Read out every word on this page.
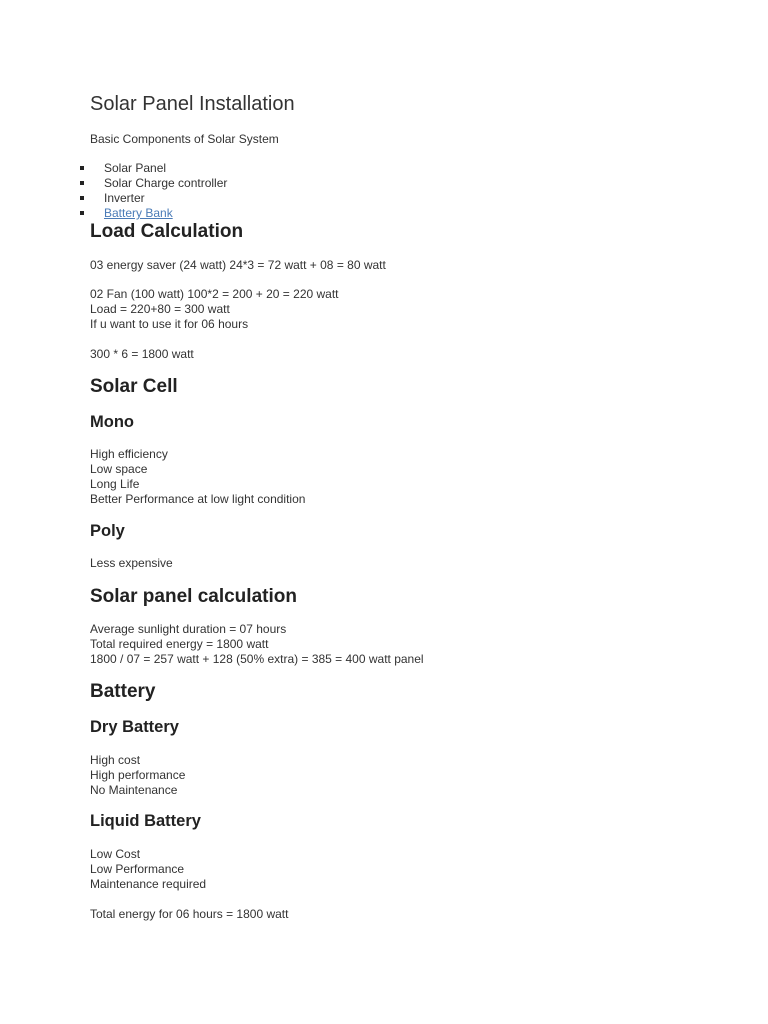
Solar Panel Installation

Basic Components of Solar System

Solar Panel
Solar Charge controller
Inverter
Battery Bank
Load Calculation

03 energy saver (24 watt) 24*3 = 72 watt + 08 = 80 watt

02 Fan (100 watt) 100*2 = 200 + 20 = 220 watt

Load = 220+80 = 300 watt

If u want to use it for 06 hours

300 * 6 = 1800 watt

Solar Cell
Mono

High efficiency

Low space

Long Life

Better Performance at low light condition

Poly

Less expensive

Solar panel calculation

Average sunlight duration = 07 hours

Total required energy = 1800 watt

1800 / 07 = 257 watt + 128 (50% extra) = 385 = 400 watt panel

Battery
Dry Battery

High cost

High performance

No Maintenance

Liquid Battery

Low Cost

Low Performance

Maintenance required

Total energy for 06 hours = 1800 watt
